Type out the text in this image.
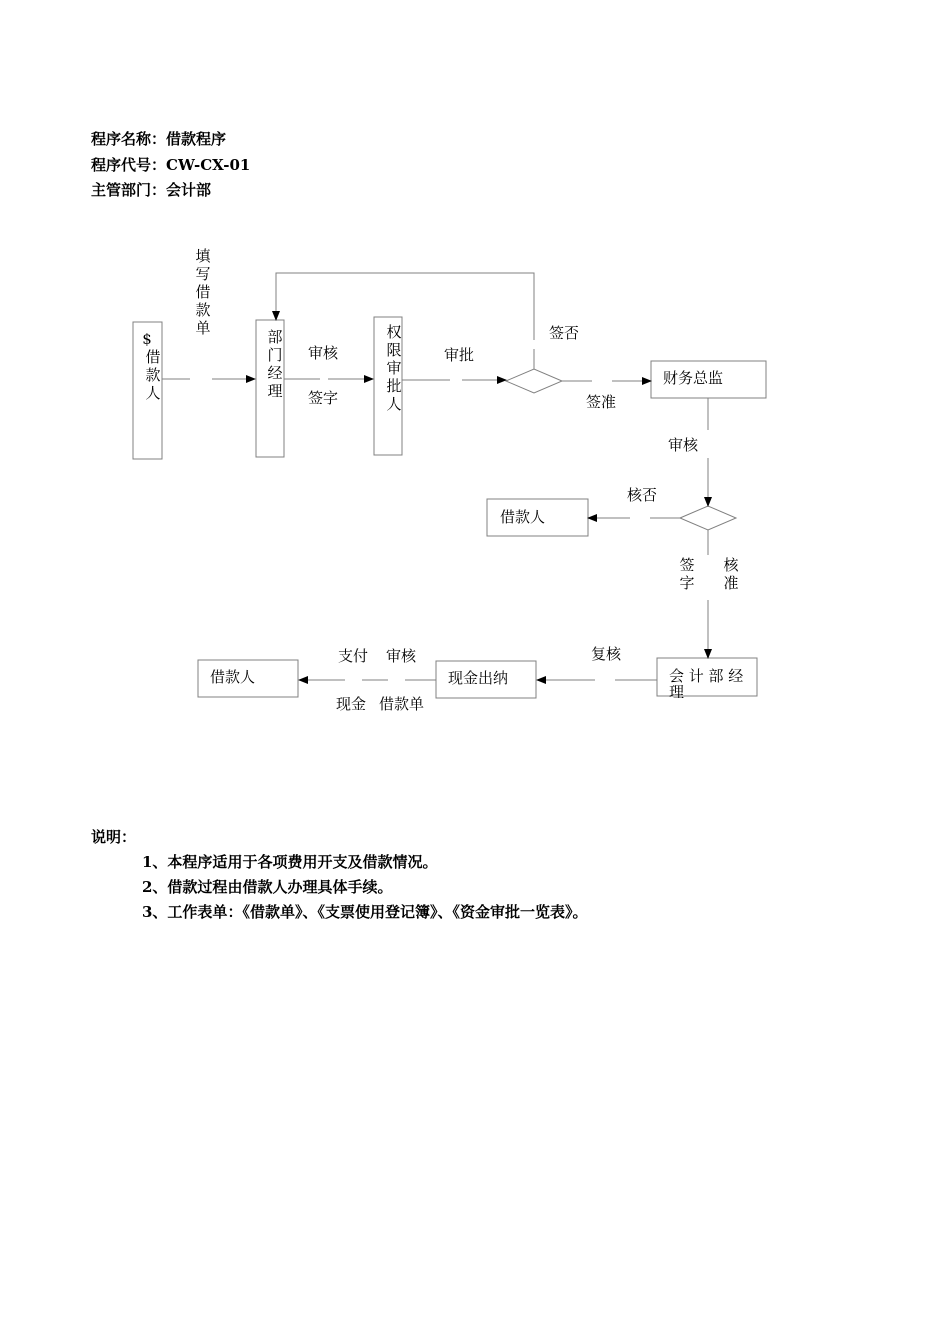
程序名称：借款程序
程序代号：CW-CX-01
主管部门：会计部
$
借
款
人
填
写
借
款
单	部
门
经
理
审核
签字
权
限
审
批
人
审批
签否
签准
财务总监
审核
核否
借款人
签
字
核
准
复核
会 计 部 经
理
现金出纳
支付 审核
现金 借款单
借款人
说明：
1、本程序适用于各项费用开支及借款情况。
2、借款过程由借款人办理具体手续。
3、工作表单：《借款单》、《支票使用登记簿》、《资金审批一览表》。
